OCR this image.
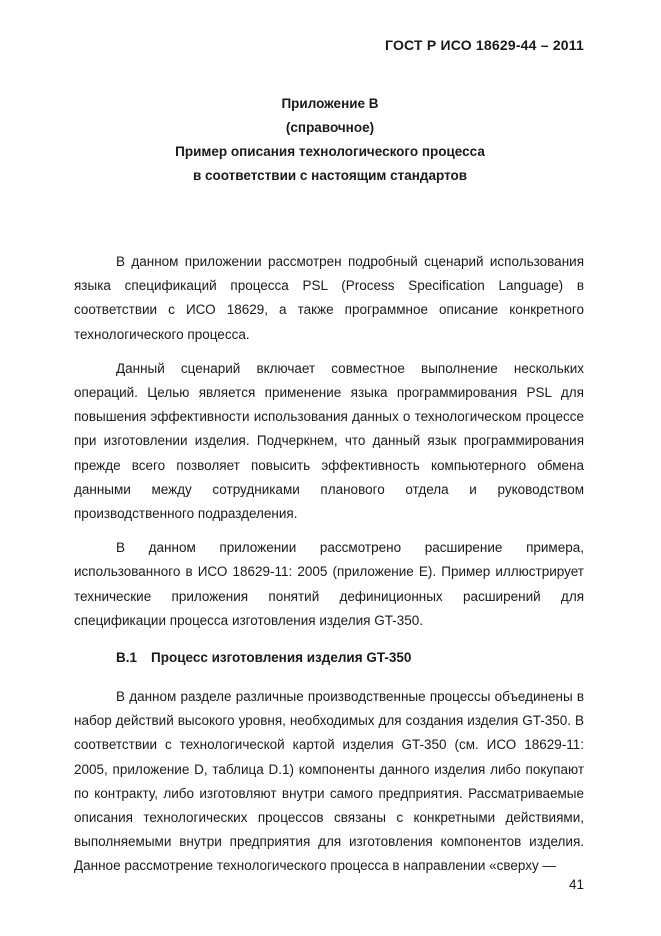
ГОСТ Р ИСО 18629-44 – 2011
Приложение В
(справочное)
Пример описания технологического процесса
в соответствии с настоящим стандартов

В данном приложении рассмотрен подробный сценарий использования языка спецификаций процесса PSL (Process Specification Language) в соответствии с ИСО 18629, а также программное описание конкретного технологического процесса.

Данный сценарий включает совместное выполнение нескольких операций. Целью является применение языка программирования PSL для повышения эффективности использования данных о технологическом процессе при изготовлении изделия. Подчеркнем, что данный язык программирования прежде всего позволяет повысить эффективность компьютерного обмена данными между сотрудниками планового отдела и руководством производственного подразделения.

В данном приложении рассмотрено расширение примера, использованного в ИСО 18629-11: 2005 (приложение Е). Пример иллюстрирует технические приложения понятий дефиниционных расширений для спецификации процесса изготовления изделия GT-350.

В.1 Процесс изготовления изделия GT-350

В данном разделе различные производственные процессы объединены в набор действий высокого уровня, необходимых для создания изделия GT-350. В соответствии с технологической картой изделия GT-350 (см. ИСО 18629-11: 2005, приложение D, таблица D.1) компоненты данного изделия либо покупают по контракту, либо изготовляют внутри самого предприятия. Рассматриваемые описания технологических процессов связаны с конкретными действиями, выполняемыми внутри предприятия для изготовления компонентов изделия. Данное рассмотрение технологического процесса в направлении «сверху —

41
